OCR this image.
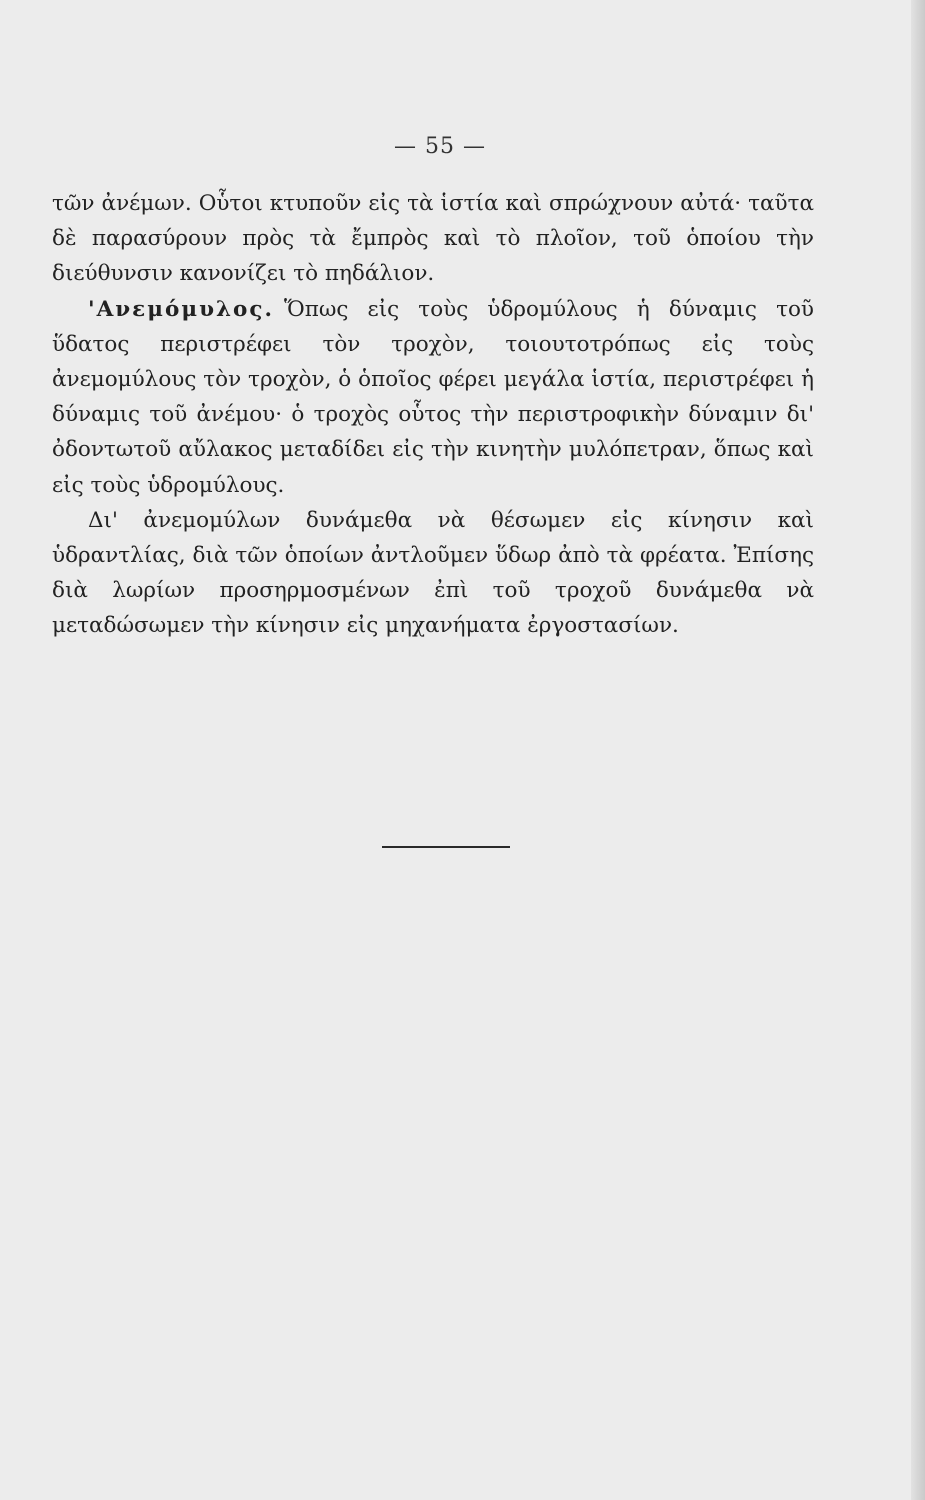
— 55 —

τῶν ἀνέμων. Οὗτοι κτυποῦν εἰς τὰ ἱστία καὶ σπρώχνουν αὐτά· ταῦτα δὲ παρασύρουν πρὸς τὰ ἔμπρὸς καὶ τὸ πλοῖον, τοῦ ὁποίου τὴν διεύθυνσιν κανονίζει τὸ πηδάλιον.

'Ανεμόμυλος. Ὅπως εἰς τοὺς ὑδρομύλους ἡ δύναμις τοῦ ὕδατος περιστρέφει τὸν τροχὸν, τοιουτοτρόπως εἰς τοὺς ἀνεμομύλους τὸν τροχὸν, ὁ ὁποῖος φέρει μεγάλα ἱστία, περιστρέφει ἡ δύναμις τοῦ ἀνέμου· ὁ τροχὸς οὗτος τὴν περιστροφικὴν δύναμιν δι' ὀδοντωτοῦ αὔλακος μεταδίδει εἰς τὴν κινητὴν μυλόπετραν, ὅπως καὶ εἰς τοὺς ὑδρομύλους.

Δι' ἀνεμομύλων δυνάμεθα νὰ θέσωμεν εἰς κίνησιν καὶ ὑδραντλίας, διὰ τῶν ὁποίων ἀντλοῦμεν ὕδωρ ἀπὸ τὰ φρέατα. Ἐπίσης διὰ λωρίων προσηρμοσμένων ἐπὶ τοῦ τροχοῦ δυνάμεθα νὰ μεταδώσωμεν τὴν κίνησιν εἰς μηχανήματα ἐργοστασίων.
